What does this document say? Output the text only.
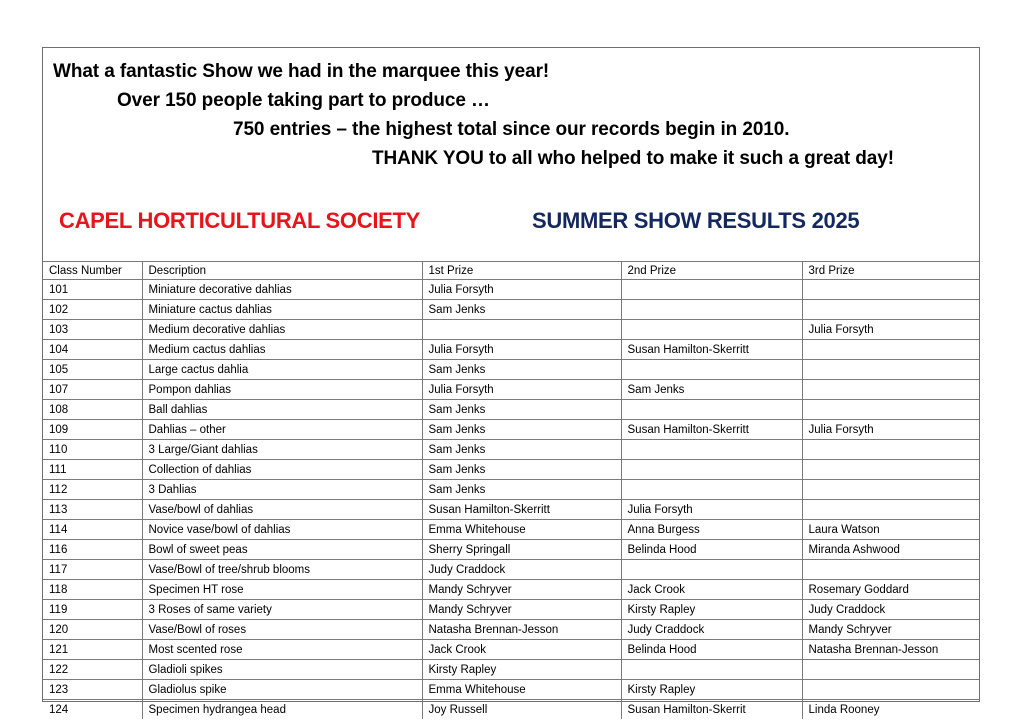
What a fantastic Show we had in the marquee this year!
Over 150 people taking part to produce …
750 entries – the highest total since our records begin in 2010.
THANK YOU to all who helped to make it such a great day!
CAPEL HORTICULTURAL SOCIETY	SUMMER SHOW RESULTS 2025
Class Number	Description	1st Prize	2nd Prize	3rd Prize
101	Miniature decorative dahlias	Julia Forsyth		
102	Miniature cactus dahlias	Sam Jenks		
103	Medium decorative dahlias			Julia Forsyth
104	Medium cactus dahlias	Julia Forsyth	Susan Hamilton-Skerritt	
105	Large cactus dahlia	Sam Jenks		
107	Pompon dahlias	Julia Forsyth	Sam Jenks	
108	Ball dahlias	Sam Jenks		
109	Dahlias – other	Sam Jenks	Susan Hamilton-Skerritt	Julia Forsyth
110	3 Large/Giant dahlias	Sam Jenks		
111	Collection of dahlias	Sam Jenks		
112	3 Dahlias	Sam Jenks		
113	Vase/bowl of dahlias	Susan Hamilton-Skerritt	Julia Forsyth	
114	Novice vase/bowl of dahlias	Emma Whitehouse	Anna Burgess	Laura Watson
116	Bowl of sweet peas	Sherry Springall	Belinda Hood	Miranda Ashwood
117	Vase/Bowl of tree/shrub blooms	Judy Craddock		
118	Specimen HT rose	Mandy Schryver	Jack Crook	Rosemary Goddard
119	3 Roses of same variety	Mandy Schryver	Kirsty Rapley	Judy Craddock
120	Vase/Bowl of roses	Natasha Brennan-Jesson	Judy Craddock	Mandy Schryver
121	Most scented rose	Jack Crook	Belinda Hood	Natasha Brennan-Jesson
122	Gladioli spikes	Kirsty Rapley		
123	Gladiolus spike	Emma Whitehouse	Kirsty Rapley	
124	Specimen hydrangea head	Joy Russell	Susan Hamilton-Skerrit	Linda Rooney
